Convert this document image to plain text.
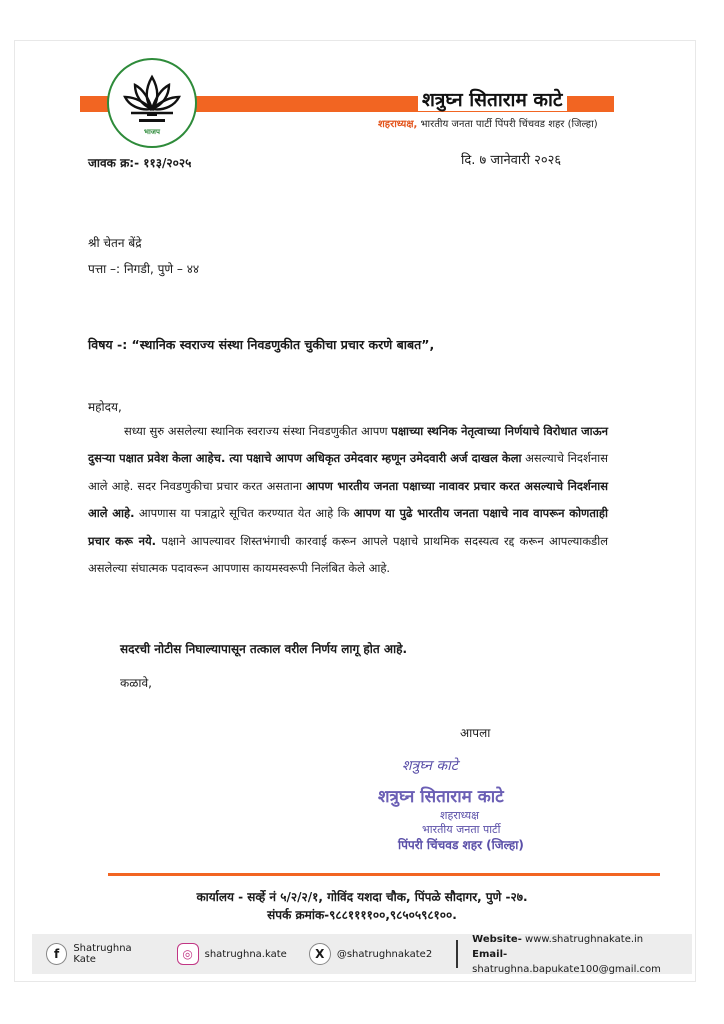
भाजप
शत्रुघ्न सिताराम काटे
शहराध्यक्ष, भारतीय जनता पार्टी पिंपरी चिंचवड शहर (जिल्हा)
जावक क्र:- ११३/२०२५	दि. ७ जानेवारी २०२६
श्री चेतन बेंद्रे
पत्ता –: निगडी, पुणे – ४४
विषय -: “स्थानिक स्वराज्य संस्था निवडणुकीत चुकीचा प्रचार करणे बाबत”,
महोदय,
सध्या सुरु असलेल्या स्थानिक स्वराज्य संस्था निवडणुकीत आपण पक्षाच्या स्थनिक नेतृत्वाच्या निर्णयाचे विरोधात जाऊन दुसऱ्या पक्षात प्रवेश केला आहेच. त्या पक्षाचे आपण अधिकृत उमेदवार म्हणून उमेदवारी अर्ज दाखल केला असल्याचे निदर्शनास आले आहे. सदर निवडणुकीचा प्रचार करत असताना आपण भारतीय जनता पक्षाच्या नावावर प्रचार करत असल्याचे निदर्शनास आले आहे. आपणास या पत्राद्वारे सूचित करण्यात येत आहे कि आपण या पुढे भारतीय जनता पक्षाचे नाव वापरून कोणताही प्रचार करू नये. पक्षाने आपल्यावर शिस्तभंगाची कारवाई करून आपले पक्षाचे प्राथमिक सदस्यत्व रद्द करून आपल्याकडील असलेल्या संघात्मक पदावरून आपणास कायमस्वरूपी निलंबित केले आहे.
सदरची नोटीस निघाल्यापासून तत्काल वरील निर्णय लागू होत आहे.
कळावे,
आपला
शत्रुघ्न काटे
शत्रुघ्न सिताराम काटे
शहराध्यक्ष
भारतीय जनता पार्टी
पिंपरी चिंचवड शहर (जिल्हा)
कार्यालय - सर्व्हे नं ५/२/२/१, गोविंद यशदा चौक, पिंपळे सौदागर, पुणे -२७.
संपर्क क्रमांक-९८८११११००,९८५०५९८१००.
f	Shatrughna Kate	◎	shatrughna.kate	X	@shatrughnakate2
Website- www.shatrughnakate.in
Email- shatrughna.bapukate100@gmail.com
